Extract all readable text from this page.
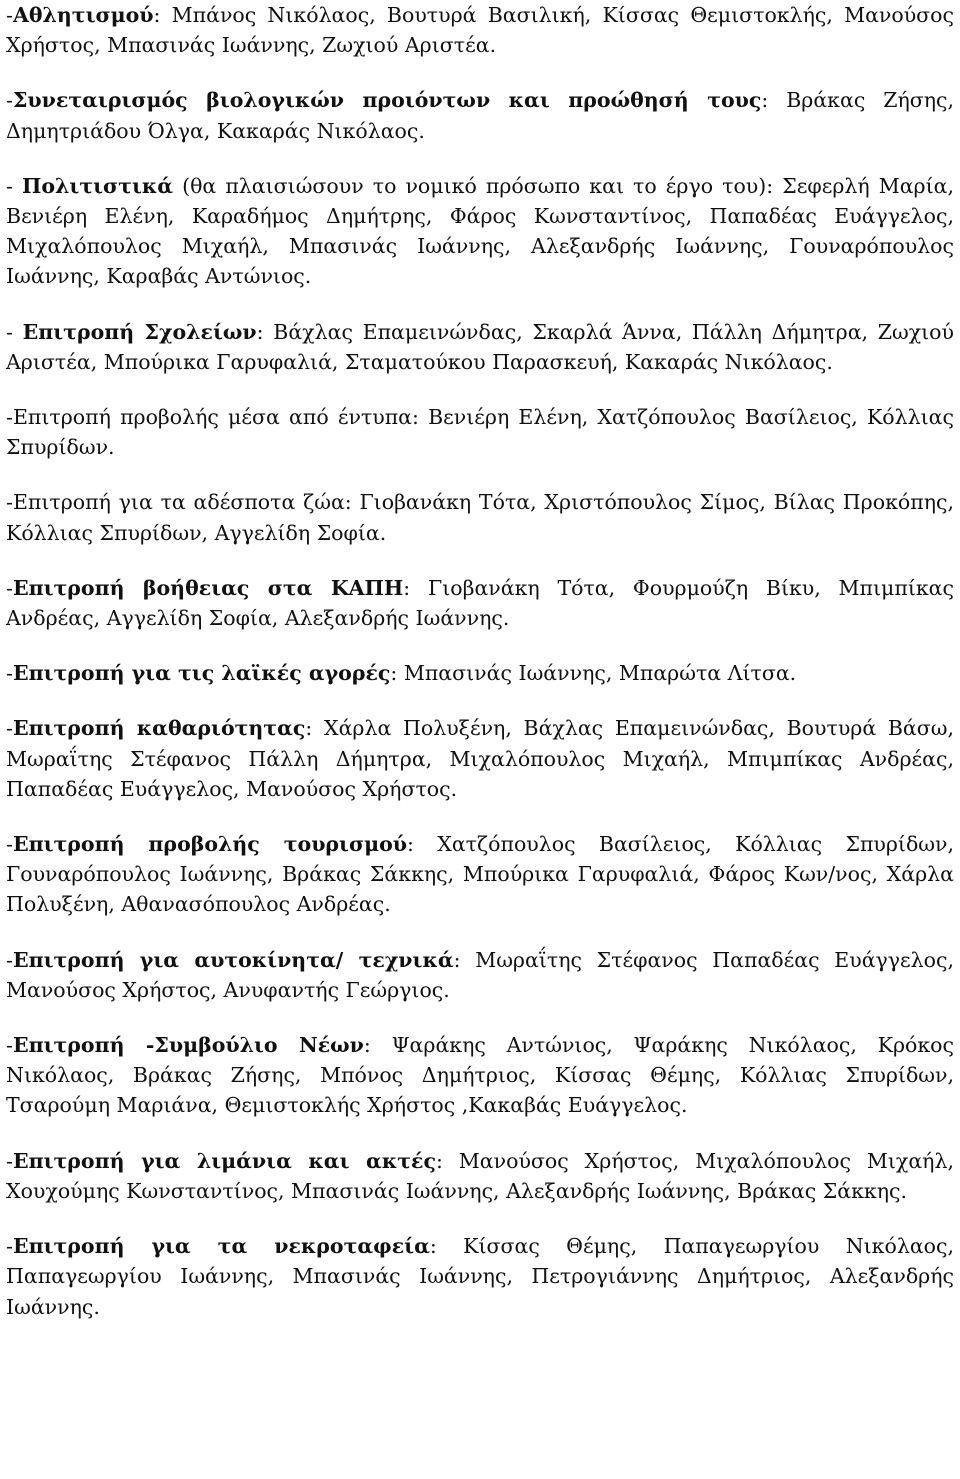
-Αθλητισμού: Μπάνος Νικόλαος, Βουτυρά Βασιλική, Κίσσας Θεμιστοκλής, Μανούσος Χρήστος, Μπασινάς Ιωάννης, Ζωχιού Αριστέα.

-Συνεταιρισμός βιολογικών προιόντων και προώθησή τους: Βράκας Ζήσης, Δημητριάδου Όλγα, Κακαράς Νικόλαος.

- Πολιτιστικά (θα πλαισιώσουν το νομικό πρόσωπο και το έργο του): Σεφερλή Μαρία, Βενιέρη Ελένη, Καραδήμος Δημήτρης, Φάρος Κωνσταντίνος, Παπαδέας Ευάγγελος, Μιχαλόπουλος Μιχαήλ, Μπασινάς Ιωάννης, Αλεξανδρής Ιωάννης, Γουναρόπουλος Ιωάννης, Καραβάς Αντώνιος.

- Επιτροπή Σχολείων: Βάχλας Επαμεινώνδας, Σκαρλά Άννα, Πάλλη Δήμητρα, Ζωχιού Αριστέα, Μπούρικα Γαρυφαλιά, Σταματούκου Παρασκευή, Κακαράς Νικόλαος.

-Επιτροπή προβολής μέσα από έντυπα: Βενιέρη Ελένη, Χατζόπουλος Βασίλειος, Κόλλιας Σπυρίδων.

-Επιτροπή για τα αδέσποτα ζώα: Γιοβανάκη Τότα, Χριστόπουλος Σίμος, Βίλας Προκόπης, Κόλλιας Σπυρίδων, Αγγελίδη Σοφία.

-Επιτροπή βοήθειας στα ΚΑΠΗ: Γιοβανάκη Τότα, Φουρμούζη Βίκυ, Μπιμπίκας Ανδρέας, Αγγελίδη Σοφία, Αλεξανδρής Ιωάννης.

-Επιτροπή για τις λαϊκές αγορές: Μπασινάς Ιωάννης, Μπαρώτα Λίτσα.

-Επιτροπή καθαριότητας: Χάρλα Πολυξένη, Βάχλας Επαμεινώνδας, Βουτυρά Βάσω, Μωραΐτης Στέφανος Πάλλη Δήμητρα, Μιχαλόπουλος Μιχαήλ, Μπιμπίκας Ανδρέας, Παπαδέας Ευάγγελος, Μανούσος Χρήστος.

-Επιτροπή προβολής τουρισμού: Χατζόπουλος Βασίλειος, Κόλλιας Σπυρίδων, Γουναρόπουλος Ιωάννης, Βράκας Σάκκης, Μπούρικα Γαρυφαλιά, Φάρος Κων/νος, Χάρλα Πολυξένη, Αθανασόπουλος Ανδρέας.

-Επιτροπή για αυτοκίνητα/ τεχνικά: Μωραΐτης Στέφανος Παπαδέας Ευάγγελος, Μανούσος Χρήστος, Ανυφαντής Γεώργιος.

-Επιτροπή -Συμβούλιο Νέων: Ψαράκης Αντώνιος, Ψαράκης Νικόλαος, Κρόκος Νικόλαος, Βράκας Ζήσης, Μπόνος Δημήτριος, Κίσσας Θέμης, Κόλλιας Σπυρίδων, Τσαρούμη Μαριάνα, Θεμιστοκλής Χρήστος ,Κακαβάς Ευάγγελος.

-Επιτροπή για λιμάνια και ακτές: Μανούσος Χρήστος, Μιχαλόπουλος Μιχαήλ, Χουχούμης Κωνσταντίνος, Μπασινάς Ιωάννης, Αλεξανδρής Ιωάννης, Βράκας Σάκκης.

-Επιτροπή για τα νεκροταφεία: Κίσσας Θέμης, Παπαγεωργίου Νικόλαος, Παπαγεωργίου Ιωάννης, Μπασινάς Ιωάννης, Πετρογιάννης Δημήτριος, Αλεξανδρής Ιωάννης.
